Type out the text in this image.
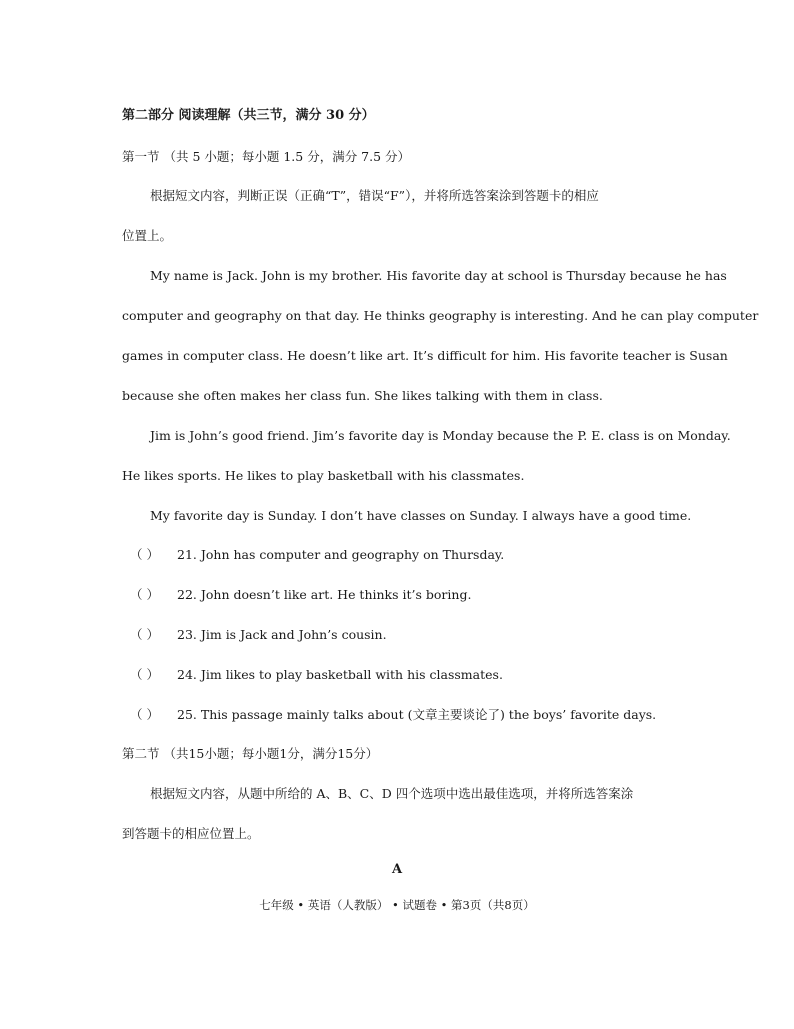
第二部分 阅读理解（共三节，满分 30 分）
第一节 （共 5 小题；每小题 1.5 分，满分 7.5 分）
根据短文内容，判断正误（正确“T”，错误“F”），并将所选答案涂到答题卡的相应
位置上。
My name is Jack. John is my brother. His favorite day at school is Thursday because he has
computer and geography on that day. He thinks geography is interesting. And he can play computer
games in computer class. He doesn’t like art. It’s difficult for him. His favorite teacher is Susan
because she often makes her class fun. She likes talking with them in class.
Jim is John’s good friend. Jim’s favorite day is Monday because the P. E. class is on Monday.
He likes sports. He likes to play basketball with his classmates.
My favorite day is Sunday. I don’t have classes on Sunday. I always have a good time.
（ ） 21. John has computer and geography on Thursday.
（ ） 22. John doesn’t like art. He thinks it’s boring.
（ ） 23. Jim is Jack and John’s cousin.
（ ） 24. Jim likes to play basketball with his classmates.
（ ） 25. This passage mainly talks about (文章主要谈论了) the boys’ favorite days.
第二节 （共15小题；每小题1分，满分15分）
根据短文内容，从题中所给的 A、B、C、D 四个选项中选出最佳选项，并将所选答案涂
到答题卡的相应位置上。
A
七年级 • 英语（人教版） • 试题卷 • 第3页（共8页）
